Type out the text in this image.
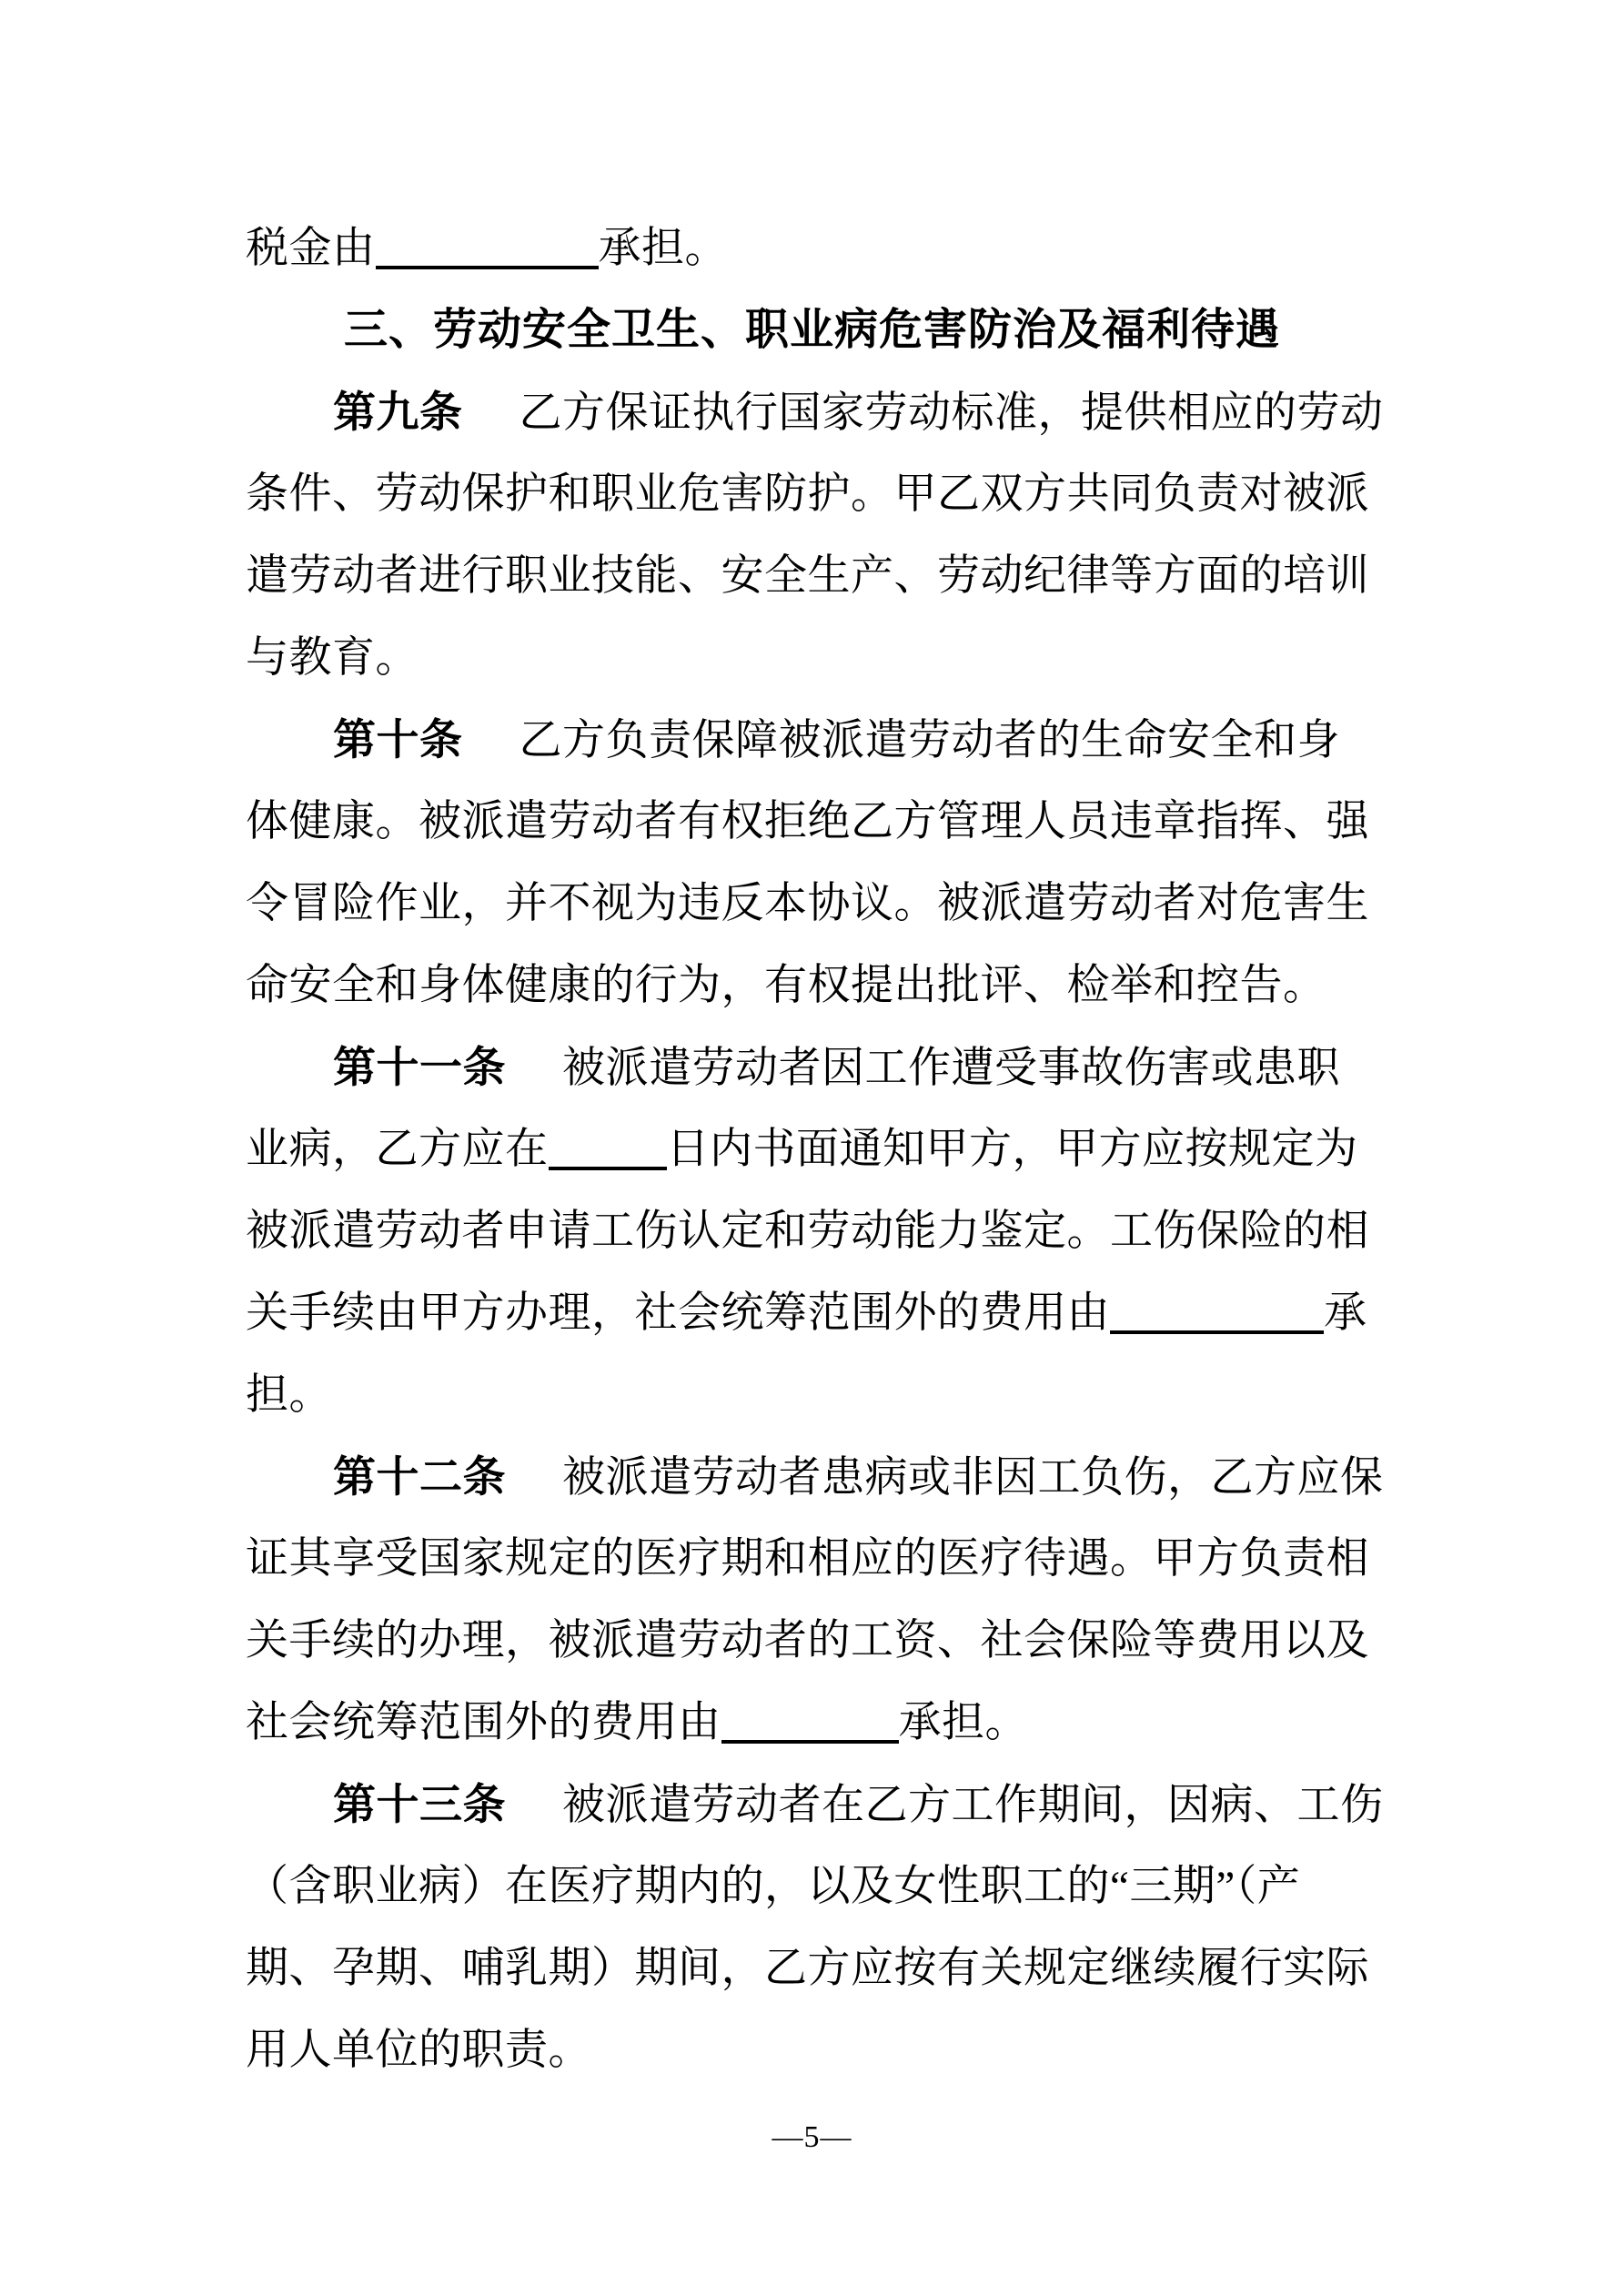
税金由	承担。
三、劳动安全卫生、职业病危害防治及福利待遇
第九条 乙方保证执行国家劳动标准，提供相应的劳动
条件、劳动保护和职业危害防护。甲乙双方共同负责对被派
遣劳动者进行职业技能、安全生产、劳动纪律等方面的培训
与教育。
第十条 乙方负责保障被派遣劳动者的生命安全和身
体健康。被派遣劳动者有权拒绝乙方管理人员违章指挥、强
令冒险作业，并不视为违反本协议。被派遣劳动者对危害生
命安全和身体健康的行为，有权提出批评、检举和控告。
第十一条 被派遣劳动者因工作遭受事故伤害或患职
业病，乙方应在	日内书面通知甲方，甲方应按规定为
被派遣劳动者申请工伤认定和劳动能力鉴定。工伤保险的相
关手续由甲方办理，社会统筹范围外的费用由	承
担。
第十二条 被派遣劳动者患病或非因工负伤，乙方应保
证其享受国家规定的医疗期和相应的医疗待遇。甲方负责相
关手续的办理，被派遣劳动者的工资、社会保险等费用以及
社会统筹范围外的费用由	承担。
第十三条 被派遣劳动者在乙方工作期间，因病、工伤
（含职业病）在医疗期内的，以及女性职工的“三期”（产
期、孕期、哺乳期）期间，乙方应按有关规定继续履行实际
用人单位的职责。
—5—
